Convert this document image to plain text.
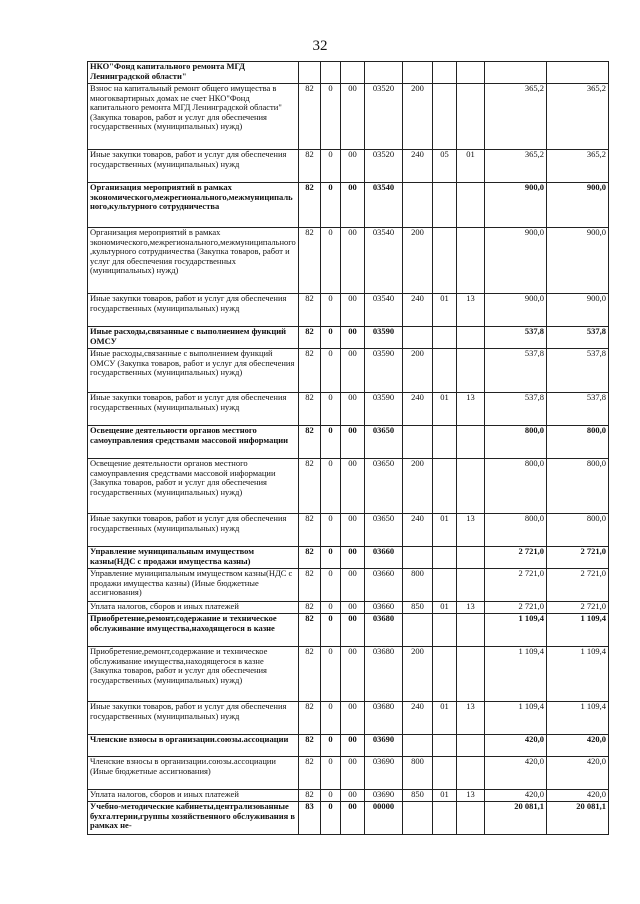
32
НКО"Фонд капитального ремонта МГД Ленинградской области"									
Взнос на капитальный ремонт общего имущества в многоквартирных домах не счет НКО"Фонд капитального ремонта МГД Ленинградской области" (Закупка товаров, работ и услуг для обеспечения государственных (муниципальных) нужд)	82	0	00	03520	200			365,2	365,2
Иные закупки товаров, работ и услуг для обеспечения государственных (муниципальных) нужд	82	0	00	03520	240	05	01	365,2	365,2
Организация мероприятий в рамках экономического,межрегионального,межмуниципального,культурного сотрудничества	82	0	00	03540				900,0	900,0
Организация мероприятий в рамках экономического,межрегионального,межмуниципального,культурного сотрудничества (Закупка товаров, работ и услуг для обеспечения государственных (муниципальных) нужд)	82	0	00	03540	200			900,0	900,0
Иные закупки товаров, работ и услуг для обеспечения государственных (муниципальных) нужд	82	0	00	03540	240	01	13	900,0	900,0
Иные расходы,связанные с выполнением функций ОМСУ	82	0	00	03590				537,8	537,8
Иные расходы,связанные с выполнением функций ОМСУ (Закупка товаров, работ и услуг для обеспечения государственных (муниципальных) нужд)	82	0	00	03590	200			537,8	537,8
Иные закупки товаров, работ и услуг для обеспечения государственных (муниципальных) нужд	82	0	00	03590	240	01	13	537,8	537,8
Освещение деятельности органов местного самоуправления средствами массовой информации	82	0	00	03650				800,0	800,0
Освещение деятельности органов местного самоуправления средствами массовой информации (Закупка товаров, работ и услуг для обеспечения государственных (муниципальных) нужд)	82	0	00	03650	200			800,0	800,0
Иные закупки товаров, работ и услуг для обеспечения государственных (муниципальных) нужд	82	0	00	03650	240	01	13	800,0	800,0
Управление муниципальным имуществом казны(НДС с продажи имущества казны)	82	0	00	03660				2 721,0	2 721,0
Управление муниципальным имуществом казны(НДС с продажи имущества казны) (Иные бюджетные ассигнования)	82	0	00	03660	800			2 721,0	2 721,0
Уплата налогов, сборов и иных платежей	82	0	00	03660	850	01	13	2 721,0	2 721,0
Приобретение,ремонт,содержание и техническое обслуживание имущества,находящегося в казне	82	0	00	03680				1 109,4	1 109,4
Приобретение,ремонт,содержание и техническое обслуживание имущества,находящегося в казне (Закупка товаров, работ и услуг для обеспечения государственных (муниципальных) нужд)	82	0	00	03680	200			1 109,4	1 109,4
Иные закупки товаров, работ и услуг для обеспечения государственных (муниципальных) нужд	82	0	00	03680	240	01	13	1 109,4	1 109,4
Членские взносы в организации.союзы.ассоциации	82	0	00	03690				420,0	420,0
Членские взносы в организации.союзы.ассоциации (Иные бюджетные ассигнования)	82	0	00	03690	800			420,0	420,0
Уплата налогов, сборов и иных платежей	82	0	00	03690	850	01	13	420,0	420,0
Учебно-методические кабинеты,централизованные бухгалтерии,группы хозяйственного обслуживания в рамках не-	83	0	00	00000				20 081,1	20 081,1
